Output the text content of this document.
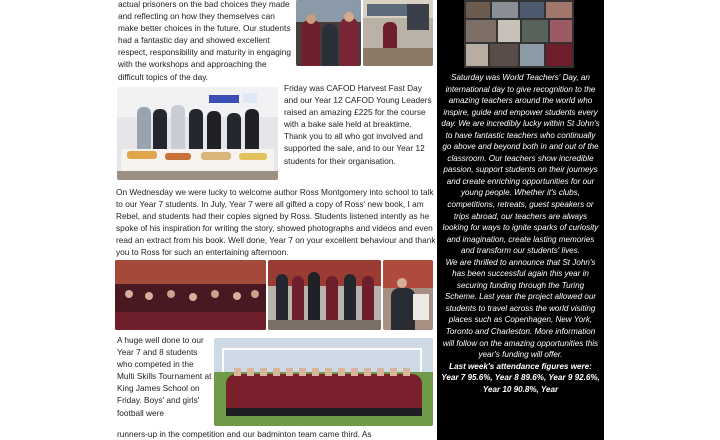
actual prisoners on the bad choices they made and reflecting on how they themselves can make better choices in the future. Our students had a fantastic day and showed excellent respect, responsibility and maturity in engaging with the workshops and approaching the difficult topics of the day.

Friday was CAFOD Harvest Fast Day and our Year 12 CAFOD Young Leaders raised an amazing £225 for the course with a bake sale held at breaktime. Thank you to all who got involved and supported the sale, and to our Year 12 students for their organisation.

On Wednesday we were lucky to welcome author Ross Montgomery into school to talk to our Year 7 students. In July, Year 7 were all gifted a copy of Ross' new book, I am Rebel, and students had their copies signed by Ross. Students listened intently as he spoke of his inspiration for writing the story, showed photographs and videos and even read an extract from his book. Well done, Year 7 on your excellent behaviour and thank you to Ross for such an entertaining afternoon.

A huge well done to our Year 7 and 8 students who competed in the Multi Skills Tournament at King James School on Friday. Boys' and girls' football were

runners-up in the competition and our badminton team came third. As

Saturday was World Teachers' Day, an international day to give recognition to the amazing teachers around the world who inspire, guide and empower students every day. We are incredibly lucky within St John's to have fantastic teachers who continually go above and beyond both in and out of the classroom. Our teachers show incredible passion, support students on their journeys and create enriching opportunities for our young people. Whether it's clubs, competitions, retreats, guest speakers or trips abroad, our teachers are always looking for ways to ignite sparks of curiosity and imagination, create lasting memories and transform our students' lives.
We are thrilled to announce that St John's has been successful again this year in securing funding through the Turing Scheme. Last year the project allowed our students to travel across the world visiting places such as Copenhagen, New York, Toronto and Charleston. More information will follow on the amazing opportunities this year's funding will offer.
Last week's attendance figures were: Year 7 95.6%, Year 8 89.6%, Year 9 92.6%, Year 10 90.8%, Year
